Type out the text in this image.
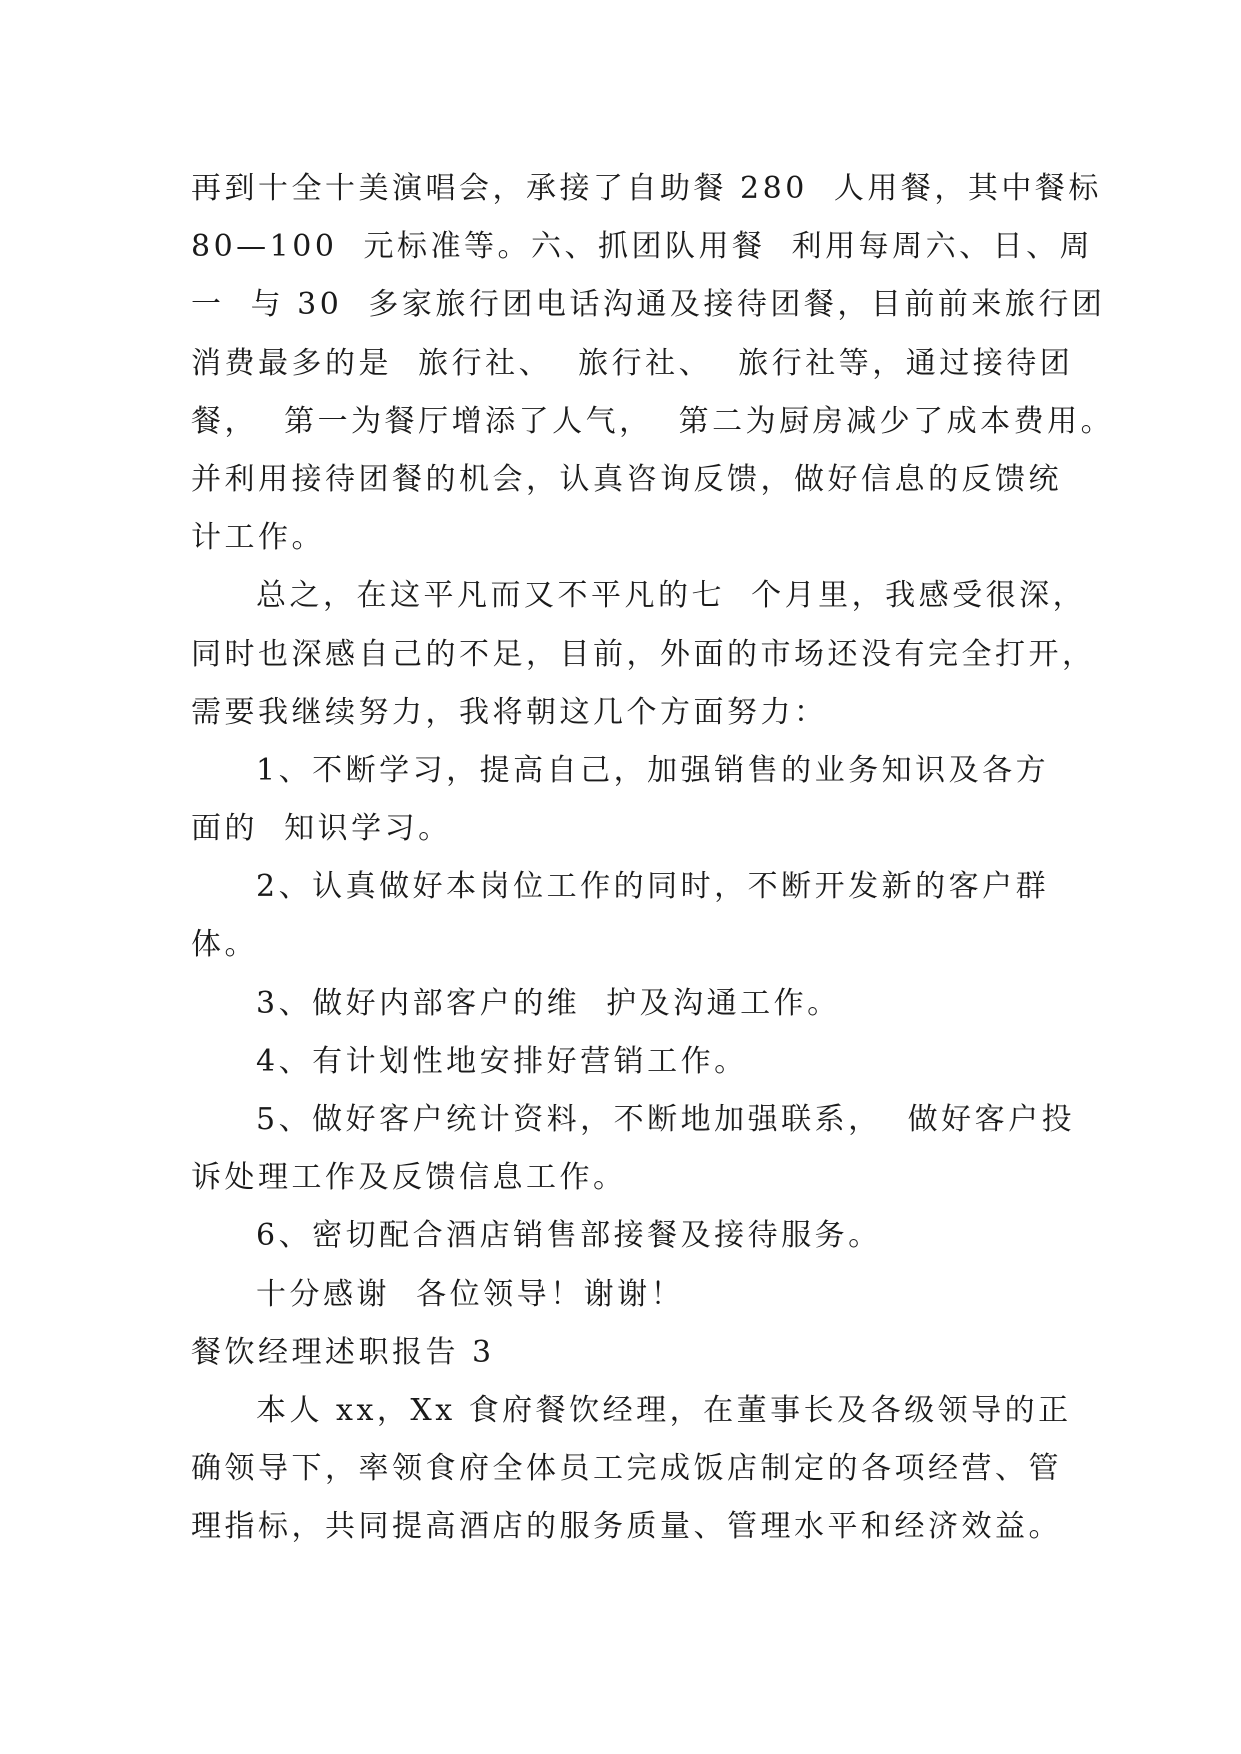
再到十全十美演唱会，承接了自助餐 280  人用餐，其中餐标
80—100  元标准等。六、抓团队用餐  利用每周六、日、周
一  与 30  多家旅行团电话沟通及接待团餐，目前前来旅行团
消费最多的是  旅行社、  旅行社、  旅行社等，通过接待团
餐，  第一为餐厅增添了人气，  第二为厨房减少了成本费用。
并利用接待团餐的机会，认真咨询反馈，做好信息的反馈统
计工作。
总之，在这平凡而又不平凡的七  个月里，我感受很深，
同时也深感自己的不足，目前，外面的市场还没有完全打开，
需要我继续努力，我将朝这几个方面努力：
1、不断学习，提高自己，加强销售的业务知识及各方
面的  知识学习。
2、认真做好本岗位工作的同时，不断开发新的客户群
体。
3、做好内部客户的维  护及沟通工作。
4、有计划性地安排好营销工作。
5、做好客户统计资料，不断地加强联系，  做好客户投
诉处理工作及反馈信息工作。
6、密切配合酒店销售部接餐及接待服务。
十分感谢  各位领导！谢谢！
餐饮经理述职报告 3
本人 xx，Xx 食府餐饮经理，在董事长及各级领导的正
确领导下，率领食府全体员工完成饭店制定的各项经营、管
理指标，共同提高酒店的服务质量、管理水平和经济效益。
